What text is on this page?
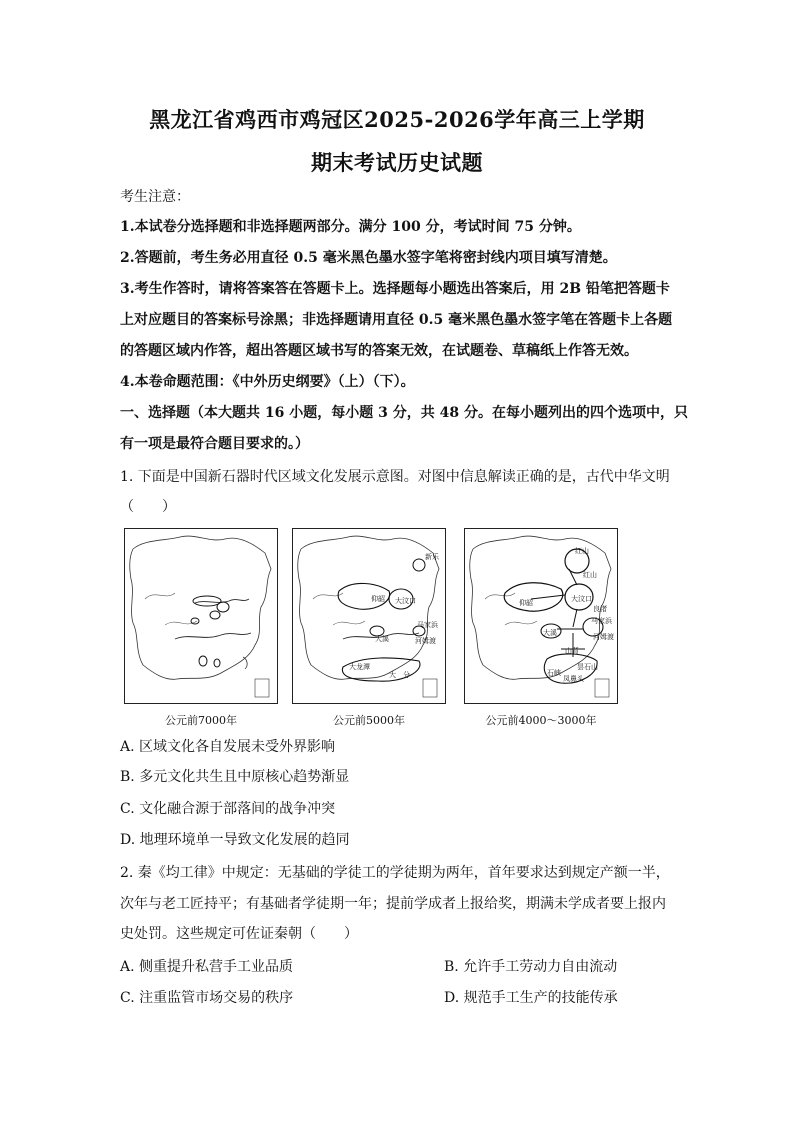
黑龙江省鸡西市鸡冠区2025-2026学年高三上学期
期末考试历史试题
考生注意：
1.本试卷分选择题和非选择题两部分。满分 100 分，考试时间 75 分钟。
2.答题前，考生务必用直径 0.5 毫米黑色墨水签字笔将密封线内项目填写清楚。
3.考生作答时，请将答案答在答题卡上。选择题每小题选出答案后，用 2B 铅笔把答题卡
上对应题目的答案标号涂黑；非选择题请用直径 0.5 毫米黑色墨水签字笔在答题卡上各题
的答题区域内作答，超出答题区域书写的答案无效，在试题卷、草稿纸上作答无效。
4.本卷命题范围：《中外历史纲要》（上）（下）。
一、选择题（本大题共 16 小题，每小题 3 分，共 48 分。在每小题列出的四个选项中，只
有一项是最符合题目要求的。）
1. 下面是中国新石器时代区域文化发展示意图。对图中信息解读正确的是，古代中华文明
（　　）
新乐
仰韶 大汶口
马家浜
河姆渡
大溪
大龙潭
大　分
红山
仰韶	大汶口
马家浜
河姆渡
大溪
山背
石峡
昙石山
凤鼻头
良渚
红山
公元前7000年	公元前5000年	公元前4000～3000年
A. 区域文化各自发展未受外界影响
B. 多元文化共生且中原核心趋势渐显
C. 文化融合源于部落间的战争冲突
D. 地理环境单一导致文化发展的趋同
2. 秦《均工律》中规定：无基础的学徒工的学徒期为两年，首年要求达到规定产额一半，
次年与老工匠持平；有基础者学徒期一年；提前学成者上报给奖，期满未学成者要上报内
史处罚。这些规定可佐证秦朝（　　）
A. 侧重提升私营手工业品质	B. 允许手工劳动力自由流动
C. 注重监管市场交易的秩序	D. 规范手工生产的技能传承
